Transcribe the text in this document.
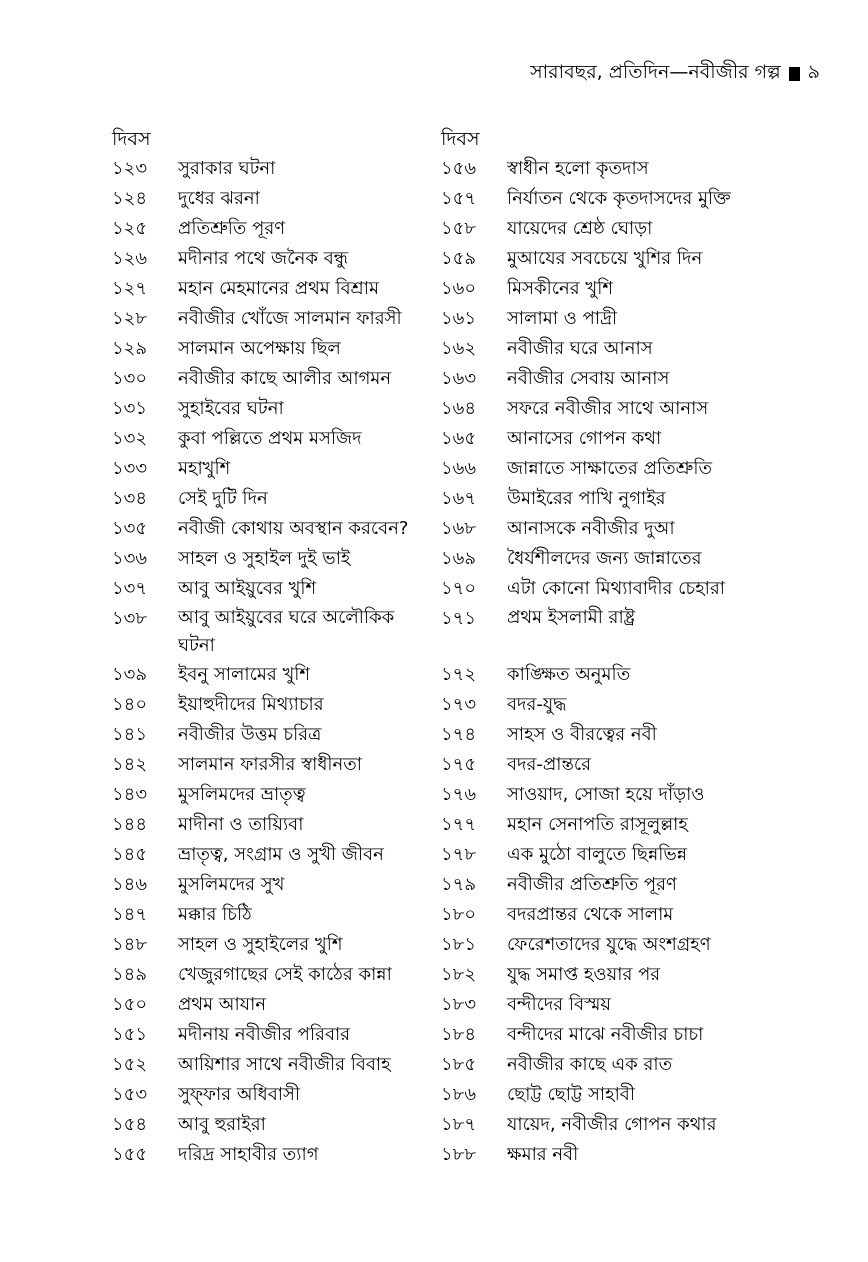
সারাবছর, প্রতিদিন—নবীজীর গল্প ৯
দিবস
১২৩	সুরাকার ঘটনা
১২৪	দুধের ঝরনা
১২৫	প্রতিশ্রুতি পূরণ
১২৬	মদীনার পথে জনৈক বন্ধু
১২৭	মহান মেহমানের প্রথম বিশ্রাম
১২৮	নবীজীর খোঁজে সালমান ফারসী
১২৯	সালমান অপেক্ষায় ছিল
১৩০	নবীজীর কাছে আলীর আগমন
১৩১	সুহাইবের ঘটনা
১৩২	কুবা পল্লিতে প্রথম মসজিদ
১৩৩	মহাখুশি
১৩৪	সেই দুটি দিন
১৩৫	নবীজী কোথায় অবস্থান করবেন?
১৩৬	সাহল ও সুহাইল দুই ভাই
১৩৭	আবু আইয়ুবের খুশি
১৩৮	আবু আইয়ুবের ঘরে অলৌকিক ঘটনা
১৩৯	ইবনু সালামের খুশি
১৪০	ইয়াহুদীদের মিথ্যাচার
১৪১	নবীজীর উত্তম চরিত্র
১৪২	সালমান ফারসীর স্বাধীনতা
১৪৩	মুসলিমদের ভ্রাতৃত্ব
১৪৪	মাদীনা ও তায়্যিবা
১৪৫	ভ্রাতৃত্ব, সংগ্রাম ও সুখী জীবন
১৪৬	মুসলিমদের সুখ
১৪৭	মক্কার চিঠি
১৪৮	সাহল ও সুহাইলের খুশি
১৪৯	খেজুরগাছের সেই কাঠের কান্না
১৫০	প্রথম আযান
১৫১	মদীনায় নবীজীর পরিবার
১৫২	আয়িশার সাথে নবীজীর বিবাহ
১৫৩	সুফ্‌ফার অধিবাসী
১৫৪	আবু হুরাইরা
১৫৫	দরিদ্র সাহাবীর ত্যাগ
দিবস
১৫৬	স্বাধীন হলো কৃতদাস
১৫৭	নির্যাতন থেকে কৃতদাসদের মুক্তি
১৫৮	যায়েদের শ্রেষ্ঠ ঘোড়া
১৫৯	মুআযের সবচেয়ে খুশির দিন
১৬০	মিসকীনের খুশি
১৬১	সালামা ও পাদ্রী
১৬২	নবীজীর ঘরে আনাস
১৬৩	নবীজীর সেবায় আনাস
১৬৪	সফরে নবীজীর সাথে আনাস
১৬৫	আনাসের গোপন কথা
১৬৬	জান্নাতে সাক্ষাতের প্রতিশ্রুতি
১৬৭	উমাইরের পাখি নুগাইর
১৬৮	আনাসকে নবীজীর দুআ
১৬৯	ধৈর্যশীলদের জন্য জান্নাতের
১৭০	এটা কোনো মিথ্যাবাদীর চেহারা
১৭১	প্রথম ইসলামী রাষ্ট্র
১৭২	কাঙ্ক্ষিত অনুমতি
১৭৩	বদর-যুদ্ধ
১৭৪	সাহস ও বীরত্বের নবী
১৭৫	বদর-প্রান্তরে
১৭৬	সাওয়াদ, সোজা হয়ে দাঁড়াও
১৭৭	মহান সেনাপতি রাসূলুল্লাহ
১৭৮	এক মুঠো বালুতে ছিন্নভিন্ন
১৭৯	নবীজীর প্রতিশ্রুতি পূরণ
১৮০	বদরপ্রান্তর থেকে সালাম
১৮১	ফেরেশতাদের যুদ্ধে অংশগ্রহণ
১৮২	যুদ্ধ সমাপ্ত হওয়ার পর
১৮৩	বন্দীদের বিস্ময়
১৮৪	বন্দীদের মাঝে নবীজীর চাচা
১৮৫	নবীজীর কাছে এক রাত
১৮৬	ছোট্ট ছোট্ট সাহাবী
১৮৭	যায়েদ, নবীজীর গোপন কথার
১৮৮	ক্ষমার নবী
